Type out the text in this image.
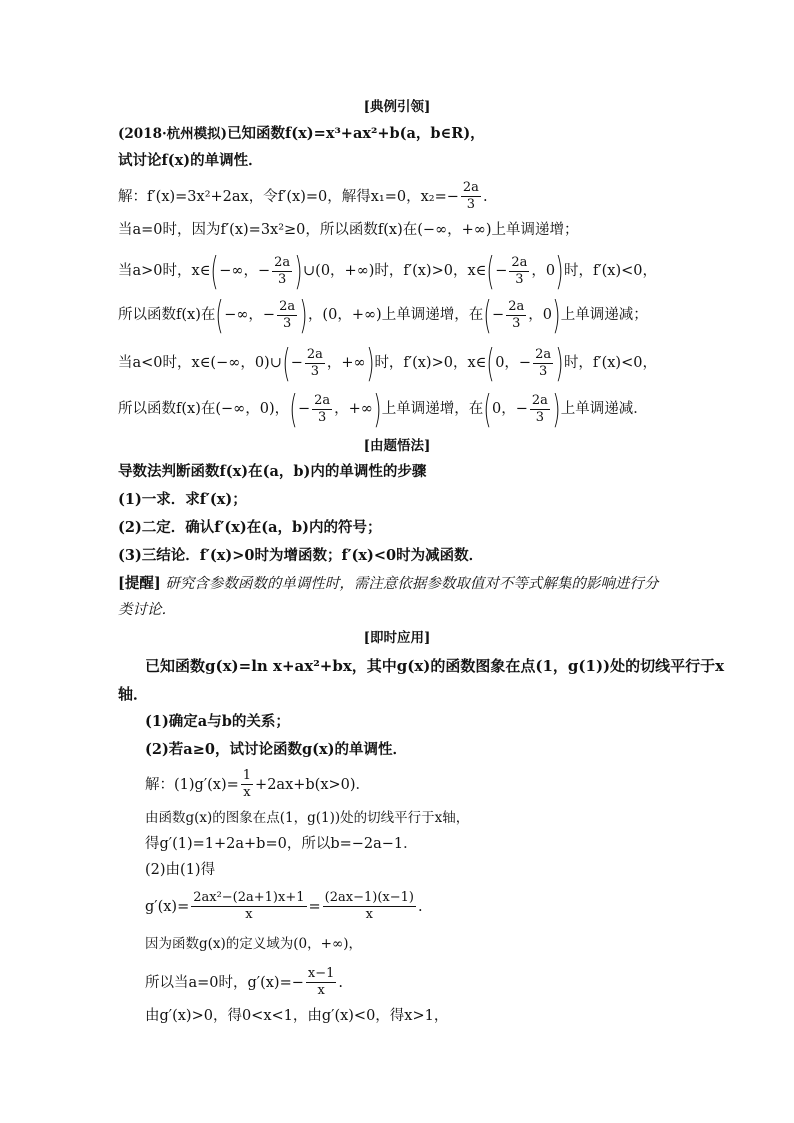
[典例引领]
(2018·杭州模拟)已知函数f(x)=x³+ax²+b(a，b∈R)，
试讨论f(x)的单调性．
解：f′(x)=3x²+2ax，令f′(x)=0，解得x₁=0，$x_2=- \frac{2a}{3}$ .
当a=0时，因为f′(x)=3x²≥0，所以函数f(x)在(−∞，+∞)上单调递增；
当a>0时，x∈(−∞，− $\frac{2a}{3}$ )∪(0，+∞)时，f′(x)>0，x∈(− $\frac{2a}{3}$ ，0)时，f′(x)<0，
所以函数f(x)在(−∞，− $\frac{2a}{3}$ )，(0，+∞)上单调递增，在(− $\frac{2a}{3}$ ，0)上单调递减；
当a<0时，x∈(−∞，0)∪(− $\frac{2a}{3}$ ，+∞)时，f′(x)>0，x∈(0，− $\frac{2a}{3}$ )时，f′(x)<0，
所以函数f(x)在(−∞，0)，(− $\frac{2a}{3}$ ，+∞)上单调递增，在(0，− $\frac{2a}{3}$ )上单调递减．
[由题悟法]
导数法判断函数f(x)在(a，b)内的单调性的步骤
(1)一求．求f′(x)；
(2)二定．确认f′(x)在(a，b)内的符号；
(3)三结论．f′(x)>0时为增函数；f′(x)<0时为减函数．
[提醒] 研究含参数函数的单调性时，需注意依据参数取值对不等式解集的影响进行分
类讨论．
[即时应用]
已知函数g(x)=ln x+ax²+bx，其中g(x)的函数图象在点(1，g(1))处的切线平行于x
轴．
(1)确定a与b的关系；
(2)若a≥0，试讨论函数g(x)的单调性．
解：$(1)g'(x)= \frac{1}{x} +2ax+b(x>0)$．
由函数g(x)的图象在点(1，g(1))处的切线平行于x轴，
得g′(1)=1+2a+b=0，所以b=−2a−1．
(2)由(1)得
$g'(x)= \frac{\text{2ax²−(2a+1)x+1}}{x} = \frac{(2ax-1)(x-1)}{x}$ .
因为函数g(x)的定义域为(0，+∞)，
所以当a=0时，$g'(x)=- \frac{x-1}{x}$ .
由g′(x)>0，得0<x<1，由g′(x)<0，得x>1，
